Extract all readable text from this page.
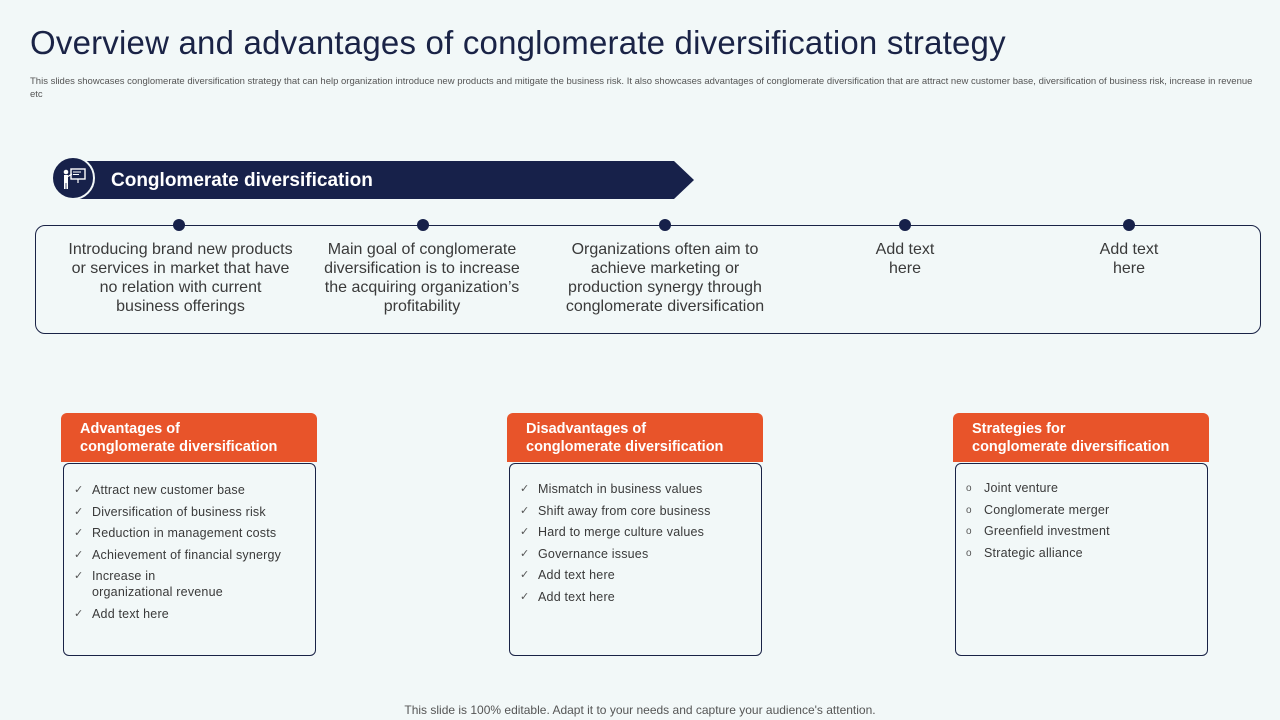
Overview and advantages of conglomerate diversification strategy

This slides showcases conglomerate diversification strategy that can help organization introduce new products and mitigate the business risk. It also showcases advantages of conglomerate diversification that are attract new customer base, diversification of business risk, increase in revenue etc

Conglomerate diversification
Introducing brand new products or services in market that have no relation with current business offerings
Main goal of conglomerate diversification is to increase the acquiring organization’s profitability
Organizations often aim to achieve marketing or production synergy through conglomerate diversification
Add text here
Add text here
Advantages of
conglomerate diversification
✓ Attract new customer base
✓ Diversification of business risk
✓ Reduction in management costs
✓ Achievement of financial synergy
✓ Increase in organizational revenue
✓ Add text here
Disadvantages of
conglomerate diversification
✓ Mismatch in business values
✓ Shift away from core business
✓ Hard to merge culture values
✓ Governance issues
✓ Add text here
✓ Add text here
Strategies for
conglomerate diversification
o Joint venture
o Conglomerate merger
o Greenfield investment
o Strategic alliance
This slide is 100% editable. Adapt it to your needs and capture your audience's attention.
